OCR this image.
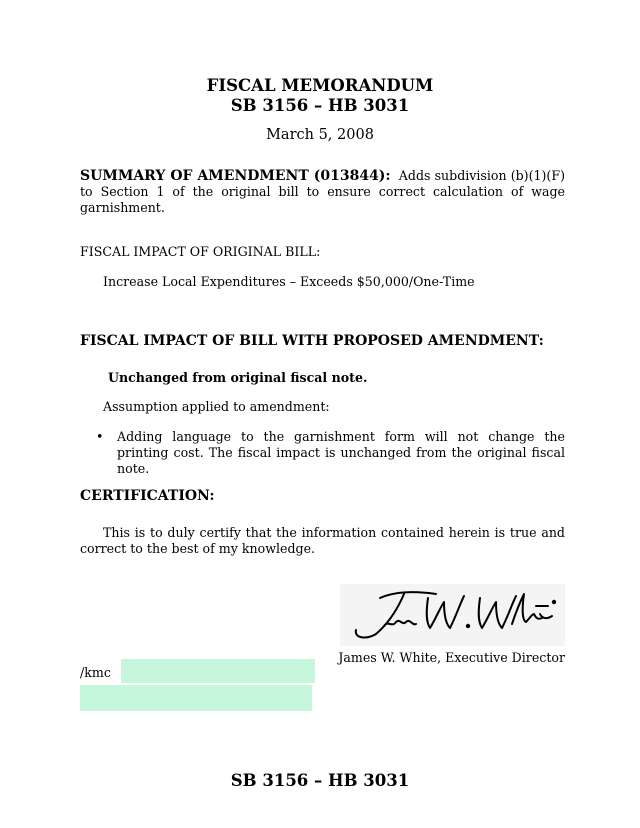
FISCAL MEMORANDUM
SB 3156 – HB 3031
March 5, 2008
SUMMARY OF AMENDMENT (013844): Adds subdivision (b)(1)(F) to Section 1 of the original bill to ensure correct calculation of wage garnishment.
FISCAL IMPACT OF ORIGINAL BILL:
Increase Local Expenditures – Exceeds $50,000/One-Time
FISCAL IMPACT OF BILL WITH PROPOSED AMENDMENT:
Unchanged from original fiscal note.
Assumption applied to amendment:
• Adding language to the garnishment form will not change the printing cost. The fiscal impact is unchanged from the original fiscal note.
CERTIFICATION:
This is to duly certify that the information contained herein is true and correct to the best of my knowledge.
James W. White, Executive Director
/kmc
SB 3156 – HB 3031
